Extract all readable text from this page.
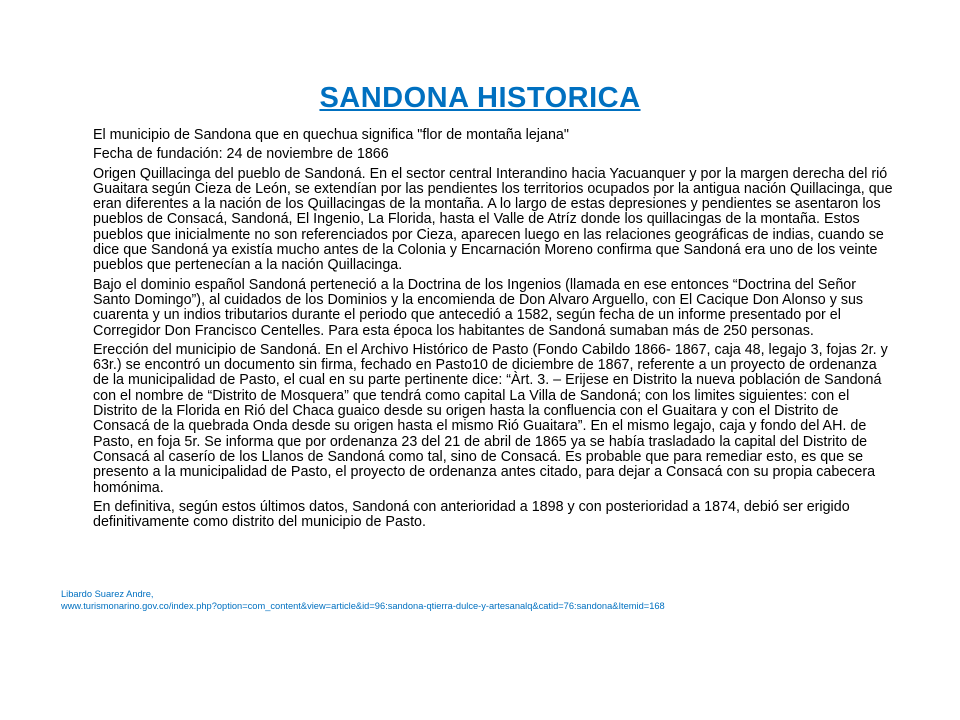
SANDONA HISTORICA

El municipio de Sandona que en quechua significa "flor de montaña lejana"

Fecha de fundación: 24 de noviembre de 1866

Origen Quillacinga del pueblo de Sandoná. En el sector central Interandino hacia Yacuanquer y por la margen derecha del rió Guaitara según Cieza de León, se extendían por las pendientes los territorios ocupados por la antigua nación Quillacinga, que eran diferentes a la nación de los Quillacingas de la montaña. A lo largo de estas depresiones y pendientes se asentaron los pueblos de Consacá, Sandoná, El Ingenio, La Florida, hasta el Valle de Atríz donde los quillacingas de la montaña. Estos pueblos que inicialmente no son referenciados por Cieza, aparecen luego en las relaciones geográficas de indias, cuando se dice que Sandoná ya existía mucho antes de la Colonia y Encarnación Moreno confirma que Sandoná era uno de los veinte pueblos que pertenecían a la nación Quillacinga.

Bajo el dominio español Sandoná perteneció a la Doctrina de los Ingenios (llamada en ese entonces “Doctrina del Señor Santo Domingo”), al cuidados de los Dominios y la encomienda de Don Alvaro Arguello, con El Cacique Don Alonso y sus cuarenta y un indios tributarios durante el periodo que antecedió a 1582, según fecha de un informe presentado por el Corregidor Don Francisco Centelles. Para esta época los habitantes de Sandoná sumaban más de 250 personas.

Erección del municipio de Sandoná. En el Archivo Histórico de Pasto (Fondo Cabildo 1866- 1867, caja 48, legajo 3, fojas 2r. y 63r.) se encontró un documento sin firma, fechado en Pasto10 de diciembre de 1867, referente a un proyecto de ordenanza de la municipalidad de Pasto, el cual en su parte pertinente dice: “Àrt. 3. – Erijese en Distrito la nueva población de Sandoná con el nombre de “Distrito de Mosquera” que tendrá como capital La Villa de Sandoná; con los limites siguientes: con el Distrito de la Florida en Rió del Chaca guaico desde su origen hasta la confluencia con el Guaitara y con el Distrito de Consacá de la quebrada Onda desde su origen hasta el mismo Rió Guaitara”. En el mismo legajo, caja y fondo del AH. de Pasto, en foja 5r. Se informa que por ordenanza 23 del 21 de abril de 1865 ya se había trasladado la capital del Distrito de Consacá al caserío de los Llanos de Sandoná como tal, sino de Consacá. Es probable que para remediar esto, es que se presento a la municipalidad de Pasto, el proyecto de ordenanza antes citado, para dejar a Consacá con su propia cabecera homónima.

En definitiva, según estos últimos datos, Sandoná con anterioridad a 1898 y con posterioridad a 1874, debió ser erigido definitivamente como distrito del municipio de Pasto.

Libardo Suarez Andre,
www.turismonarino.gov.co/index.php?option=com_content&view=article&id=96:sandona-qtierra-dulce-y-artesanalq&catid=76:sandona&Itemid=168
